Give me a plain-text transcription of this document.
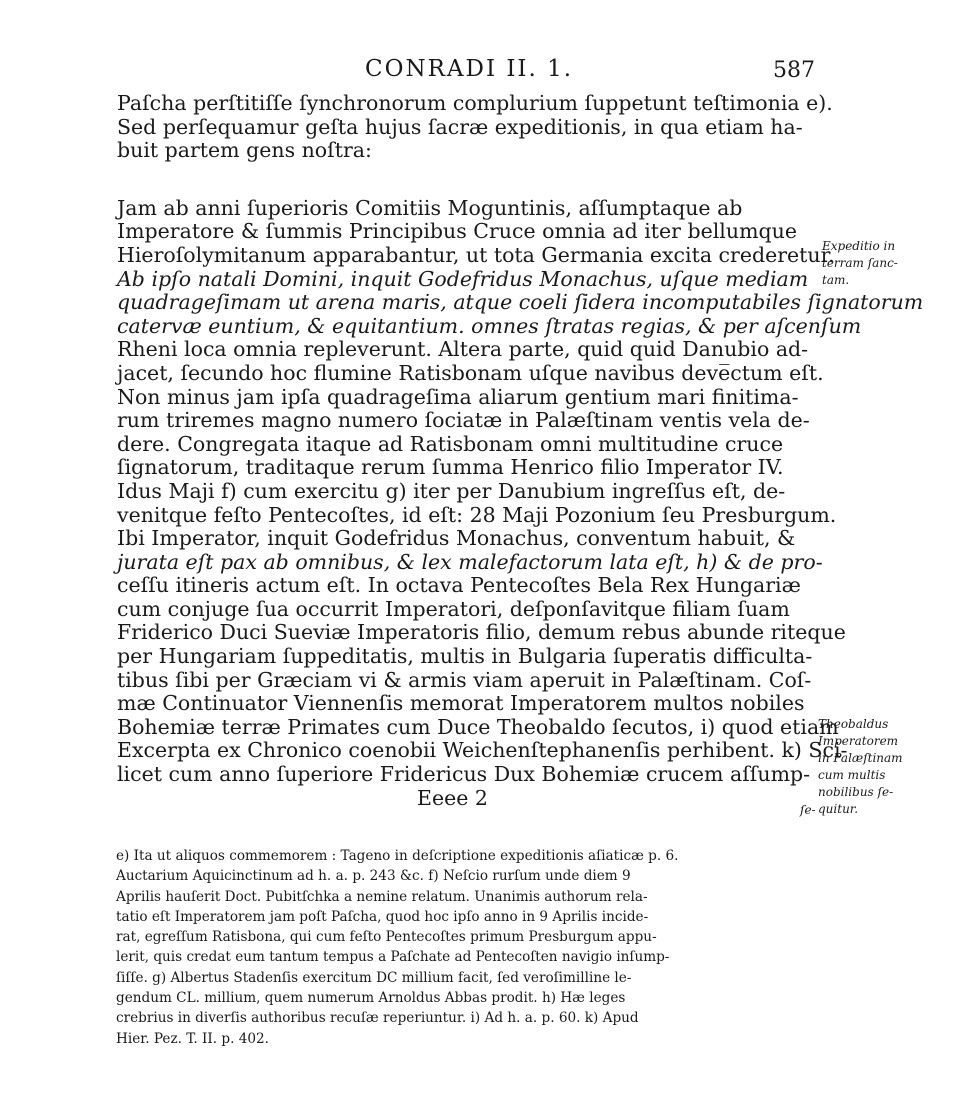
CONRADI II. 1.	587
Paſcha perſtitiſſe ſynchronorum complurium ſuppetunt teſtimonia e).
Sed perſequamur geſta hujus ſacræ expeditionis, in qua etiam ha-
buit partem gens noſtra:
Jam ab anni ſuperioris Comitiis Moguntinis, aſſumptaque ab
Imperatore & ſummis Principibus Cruce omnia ad iter bellumque
Hieroſolymitanum apparabantur, ut tota Germania excita crederetur.
Ab ipſo natali Domini, inquit Godefridus Monachus, uſque mediam
quadrageſimam ut arena maris, atque coeli ſidera incomputabiles ſignatorum
catervæ euntium, & equitantium. omnes ſtratas regias, & per aſcenſum
Rheni loca omnia repleverunt. Altera parte, quid quid Danubio ad-
jacet, ſecundo hoc flumine Ratisbonam uſque navibus deve̅ctum eſt.
Non minus jam ipſa quadrageſima aliarum gentium mari finitima-
rum triremes magno numero ſociatæ in Palæſtinam ventis vela de-
dere. Congregata itaque ad Ratisbonam omni multitudine cruce
ſignatorum, traditaque rerum ſumma Henrico filio Imperator IV.
Idus Maji f) cum exercitu g) iter per Danubium ingreſſus eſt, de-
venitque feſto Pentecoſtes, id eſt: 28 Maji Pozonium ſeu Presburgum.
Ibi Imperator, inquit Godefridus Monachus, conventum habuit, &
jurata eſt pax ab omnibus, & lex malefactorum lata eſt, h) & de pro-
ceſſu itineris actum eſt. In octava Pentecoſtes Bela Rex Hungariæ
cum conjuge ſua occurrit Imperatori, deſponſavitque filiam ſuam
Friderico Duci Sueviæ Imperatoris filio, demum rebus abunde riteque
per Hungariam ſuppeditatis, multis in Bulgaria ſuperatis difficulta-
tibus ſibi per Græciam vi & armis viam aperuit in Palæſtinam. Coſ-
mæ Continuator Viennenſis memorat Imperatorem multos nobiles
Bohemiæ terræ Primates cum Duce Theobaldo ſecutos, i) quod etiam
Excerpta ex Chronico coenobii Weichenſtephanenſis perhibent. k) Sci-
licet cum anno ſuperiore Fridericus Dux Bohemiæ crucem aſſump-
Eeee 2
Expeditio in
terram ſanc-
tam.
Theobaldus
Imperatorem
in Palæſtinam
cum multis
nobilibus ſe-
quitur.
ſe-
e) Ita ut aliquos commemorem : Tageno in deſcriptione expeditionis aſiaticæ p. 6.
Auctarium Aquicinctinum ad h. a. p. 243 &c. f) Neſcio rurſum unde diem 9
Aprilis hauſerit Doct. Pubitſchka a nemine relatum. Unanimis authorum rela-
tatio eſt Imperatorem jam poſt Paſcha, quod hoc ipſo anno in 9 Aprilis incide-
rat, egreſſum Ratisbona, qui cum feſto Pentecoſtes primum Presburgum appu-
lerit, quis credat eum tantum tempus a Paſchate ad Pentecoſten navigio inſump-
ſiſſe. g) Albertus Stadenſis exercitum DC millium facit, ſed veroſimilline le-
gendum CL. millium, quem numerum Arnoldus Abbas prodit. h) Hæ leges
crebrius in diverſis authoribus recuſæ reperiuntur. i) Ad h. a. p. 60. k) Apud
Hier. Pez. T. II. p. 402.
